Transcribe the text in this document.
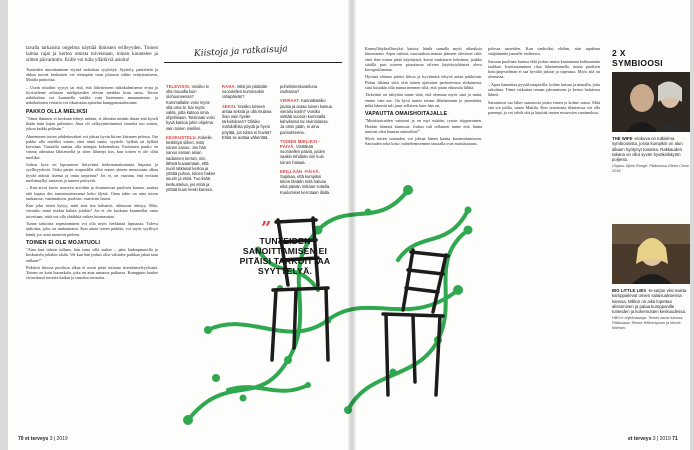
tavalla tarkaisita ongelma näyttää ihmisten erilleyyden. Toinen laittaa rajat ja kertoo omista toiveistaan, toinen kuuntelee ja siitten päivantotin. Esille voi tulla yllättäviä asioita!

Tunteiden sanoittaminen etyistä tarkoittaa syyttelyä. Syyttely, pantettelu ja ahkaa tuovat keskusten vie eteenpäin vaan johtavat väliin vetäytymiseen, Mattila painottaa.

– Usein riitoihin syytys tai että, että läheiteiseen näkökulmineme eroja ja hyvitteleme erilaisen mielipiteiden olevan merkkis kuin omia. Toisen näkökulma voi kuunnella vaikka vain hinemmes muunnamme, ja näkökulmien vertailu voi rikastuttaa ajattelua kumppanuudessame.

PAKKO OLLA MIELIKSI

"Tämä ihminen ei koskaan tehnyt mitään, et itkinäin mitään ilman että kyseli ikään kuin hajan pubtaisin. Aina oli valkyymittömässä vioneita tuo toinen, jokon kaikki pelästin."

Ahnemmen toisen johdettavalnet voi johtaa hyvin kiivan kirinnen pelosta. Oni pakko olla mieliksi toisen, ettei tämä suutu, syyttele, hylkää tai hylkää koivtaan. Taustalla saattaa olla aiempia kokemuksia. Erotinnen paulto on voinut aiheuttaa lähitenseltä ja siten lähtenyt kin, kun toinen ei ole ollut mieliksi.

Joskus kyse on lapsuuteen liittyvästä tiedostamattomasta hiipusta ja syyllisyydestä. Onko partin osapuolilla ollut ennen yhteen menossaan alkaa hyvää aidosti itsensä ja omia tarpeinsa? Jos ei, on vaarana, että erottain mieltämyllyt vantavat ja tunteet peittyvät.

– Kun arvoi kuvio nouseva arvoihin ja dominoivan puolisen kanssa, saattaa että lupaus des tunnemuistavansa koko älystä. Onna tahto on aina toisen tunkaussa: vaatimuksen, puolisin, vaatiiviin lasten.

Kun joku sitten kysyy, mitä sinä itse haluaisit, alituseast äitinyy. Mitä, voisinko minä itsekin haluta jotakin? Jos et ole koskaan kuunnellut omia toiveitaan, niitä voi olla yhtäkkiä vaikea huomeuttaa.

Tunne tarkoista sopeutuminen voi olla myös herkkiinä lapsuusta. Tuleva tarkoista, joku on mukautunut. Kun ainaa toisen päättää, voi myös syyllisyä häntä, jos asiat menevät pieleen.

TOINEN EI OLE MOJATUOLI

"Aina kun taloon tullaan, hän istua sillä taakse – päin kädenpinnoilla ja keskustelu joltakin alalta. Vei kun hän joskus olisi valttulee paikkaa jakaa taan eullaan?"

Pitkässä liitossa puolison alkaa ei usein pitää toistaan itsestäänselvyyksinä. Toinen on kuin huonekalu, joka on aina samassa paikassa. Kumppnin kuulee virtavänssä toisesta kaikin ja sanoista tavaroita.

Kiistoja ja ratkaisuja

TELEVISIO. Voisiko tv olla muualla kuin olohuoneessa? Kummallakin voisi myös olla oma tv. Sai myös valita, jotta katsoa omia ohjelmiaan. Toisinaan voisi hyvä katsoa jokin ohjelma vain toisen mieliksi.

KESKUSTELU. Kokeile keskittyä siihen, mitä toinen sanoo. Jos hän sanoo saman asian sadannen kerran, niin, lähteä kuvaamaan, että nuoli ratkaisut kertoa ja yrittää puhua, toinen hakee suurin ja etsiä. Tuo lisää keskustelua, jos etsiä ja yrittää kuun keski kanssa.

RAHA. Mitä jos pitäisitte vuorotellen kummankin rahapäivän?

SEKSI. Voisiko toiseen antaa seksiä ja olla mulana ihan vain hyvän tarkoituksen? Olisiko mahdollista pöydä ja hyvin pöytää, jos toista ei huvita? Ehkä se auttaa vähentää.

puhelinkeskusteluna rauhassa?

VIERAAT. Kannattaisiko jousta ja antaa toisen kutsua vierailu kotiin? Voisiko viettää vuoroin kummalla kahvilassa tai ravintolassa. Ja omin pään, ei aina parisuhteena.

TOINEN MIELIKSI -PÄIVÄ. Viettäkää vuorotellen päiviä, joiden saakin tehdään niin kuin toinen haluaa.

ERILLÄÄN -PÄIVÄ. Sopikaa, että kumpikin tekee tänään mitä haluaa eikä päivän mittaan soitella. Kuulumiset kerrotaan illalla.

”
TUNTEIDEN SANOITTAMISEN EI PITÄISI TARKOITTAA SYYTTELYÄ.
70 et terveys 3 | 2019

Kunnyllätykselliseyksi katsoa, hänlä samalla myös oikeuksia kiinnostain. Arjen rutiinit, saavutuksia mattaa jäämeet oleviaset siltä, ettei ehre toisen pitää käyttäytyä, kuvat vanhatarte keksinen, joukka sitäillä puri toiseen pisautuvaa talvien käyttäytykiinteä oleva korograffaamaa.

Hyvänä elätana pitäisi liittoa ja hyviämisä tehyvä antaa pakkiinin. Pitäisi lähinsa siitä, että toinen ajaisaiset perkieteensa elokuuessä, siitä kustakin olla minua mennen siltä, että jotain eikunulu lähtiä.

Tärkeintä on säilyttää tunne siitä, että olemme myös sinä ja minä, emme vain me. On hyvä tuntea toinen läheisimmin ja ymmärtää, mikä hänestä tuli juuri sellaisen kuin hän on.

VAPAUTTA OMAISHOITAJALLE

"Muistisairaiden vaimoni ja en myt mitään, ryssin riippuvainen. Hoidan hänestä kinnossa. Joskus tuli sellainen tunne että, hänta tuntuisi olen haastaa aukeoihin!"

Myös toisen sairauden voi johtaa hänen kautta kuormittumiseen. Sairauden sekä koko vaihtelemisemme taustalla ovat muistisairaus.

polessa aarteiden. Kun vanhoiksi eleläm, niin tapahtuu vääjäämättä jonnalle vaiheessa.

Saisaan puolinen kanssa elää joskus mutta kantamaan kohtuutonta taakkaa. Irrottautuminen tilaa läheisemmelle, mutta puolisen hoitojärjestelmän ei saa hyvältä jakson ja sopeutua. Myös sitä on olemassa.

– Apua kannattaa pyytää naapurilla, kolme kutsua ja muualla, joita sekoittaa. Tämä vaikuttaa omaan jaksamiseen ja kertoa halutessa lähteä.

Saisattavat saa lähes saatanoita jotain ennen ja kolme sanoa. Mitä sitä voi juhlia, sanoo Mattila. Kun seuratonta tilanteessa voi olla parempi, ja voi tehdä sitä ja käyttää omien resurssien vaatimuksia.

2 X
SYMBIOOSI

THE WIFE -elokuva on tutkielma symbioosista, jossa kumpikin on alun alkaen hyötynyt toisesta. Rakkauden takana on ollut syvän hyväksikäytön poljento.

Ohjaus: Björn Runge. Pääosissa Glenn Close. 2018.

BIG LITTLE LIES -tv-sarjan viisi naista kamppailevat omien salaisuuksiensa kanssa. Million on aika lopettaa alistuminen ja palaa kumppanille tunteiden ja kokemusten keskuudessa.

HBO:n ohjelmasarja. Toinen kausi tulossa. Pääosissa: Reese Witherspoon ja Nicole Kidman.

et terveys 3 | 2019 71
